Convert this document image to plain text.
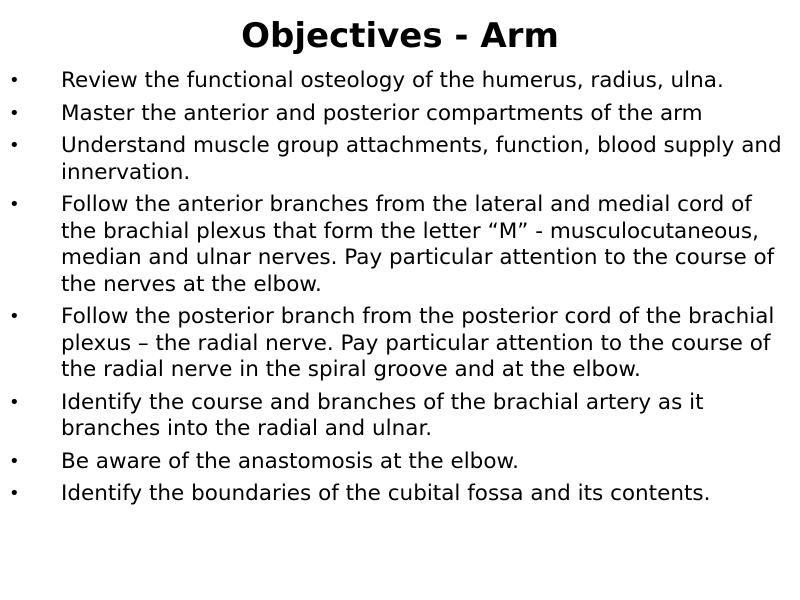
Objectives - Arm
• Review the functional osteology of the humerus, radius, ulna.
• Master the anterior and posterior compartments of the arm
• Understand muscle group attachments, function, blood supply and innervation.
• Follow the anterior branches from the lateral and medial cord of the brachial plexus that form the letter “M” - musculocutaneous, median and ulnar nerves. Pay particular attention to the course of the nerves at the elbow.
• Follow the posterior branch from the posterior cord of the brachial plexus – the radial nerve. Pay particular attention to the course of the radial nerve in the spiral groove and at the elbow.
• Identify the course and branches of the brachial artery as it branches into the radial and ulnar.
• Be aware of the anastomosis at the elbow.
• Identify the boundaries of the cubital fossa and its contents.
